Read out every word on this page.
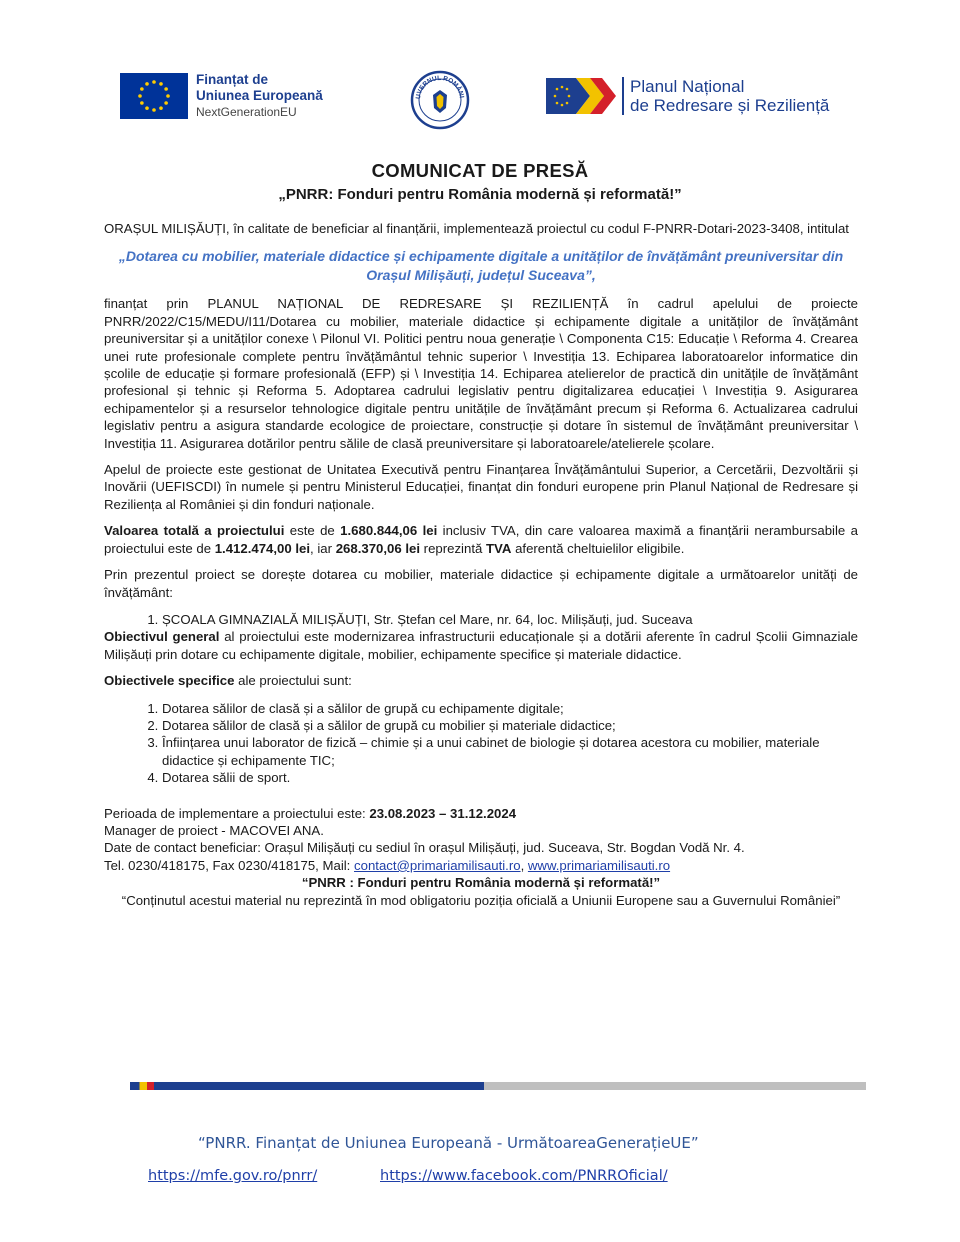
Finanțat de
Uniunea Europeană
NextGenerationEU
UVERNUL ROMÂNI
Planul Național
de Redresare și Reziliență
COMUNICAT DE PRESĂ
„PNRR: Fonduri pentru România modernă și reformată!”

ORAȘUL MILIȘĂUȚI, în calitate de beneficiar al finanțării, implementează proiectul cu codul F-PNRR-Dotari-2023-3408, intitulat

„Dotarea cu mobilier, materiale didactice și echipamente digitale a unităților de învățământ preuniversitar din Orașul Milișăuți, județul Suceava”,

finanțat prin PLANUL NAȚIONAL DE REDRESARE ȘI REZILIENȚĂ în cadrul apelului de proiecte PNRR/2022/C15/MEDU/I11/Dotarea cu mobilier, materiale didactice și echipamente digitale a unităților de învățământ preuniversitar și a unităților conexe \ Pilonul VI. Politici pentru noua generație \ Componenta C15: Educație \ Reforma 4. Crearea unei rute profesionale complete pentru învățământul tehnic superior \ Investiția 13. Echiparea laboratoarelor informatice din școlile de educație și formare profesională (EFP) și \ Investiția 14. Echiparea atelierelor de practică din unitățile de învățământ profesional și tehnic și Reforma 5. Adoptarea cadrului legislativ pentru digitalizarea educației \ Investiția 9. Asigurarea echipamentelor și a resurselor tehnologice digitale pentru unitățile de învățământ precum și Reforma 6. Actualizarea cadrului legislativ pentru a asigura standarde ecologice de proiectare, construcție și dotare în sistemul de învățământ preuniversitar \ Investiția 11. Asigurarea dotărilor pentru sălile de clasă preuniversitare și laboratoarele/atelierele școlare.

Apelul de proiecte este gestionat de Unitatea Executivă pentru Finanțarea Învățământului Superior, a Cercetării, Dezvoltării și Inovării (UEFISCDI) în numele și pentru Ministerul Educației, finanțat din fonduri europene prin Planul Național de Redresare și Reziliența al României și din fonduri naționale.

Valoarea totală a proiectului este de 1.680.844,06 lei inclusiv TVA, din care valoarea maximă a finanțării nerambursabile a proiectului este de 1.412.474,00 lei, iar 268.370,06 lei reprezintă TVA aferentă cheltuielilor eligibile.

Prin prezentul proiect se dorește dotarea cu mobilier, materiale didactice și echipamente digitale a următoarelor unități de învățământ:

1. ȘCOALA GIMNAZIALĂ MILIȘĂUȚI, Str. Ștefan cel Mare, nr. 64, loc. Milișăuți, jud. Suceava

Obiectivul general al proiectului este modernizarea infrastructurii educaționale și a dotării aferente în cadrul Școlii Gimnaziale Milișăuți prin dotare cu echipamente digitale, mobilier, echipamente specifice și materiale didactice.

Obiectivele specifice ale proiectului sunt:

1. Dotarea sălilor de clasă și a sălilor de grupă cu echipamente digitale;
2. Dotarea sălilor de clasă și a sălilor de grupă cu mobilier și materiale didactice;
3. Înființarea unui laborator de fizică – chimie și a unui cabinet de biologie și dotarea acestora cu mobilier, materiale didactice și echipamente TIC;
4. Dotarea sălii de sport.

Perioada de implementare a proiectului este: 23.08.2023 – 31.12.2024

Manager de proiect - MACOVEI ANA.

Date de contact beneficiar: Orașul Milișăuți cu sediul în orașul Milișăuți, jud. Suceava, Str. Bogdan Vodă Nr. 4.

Tel. 0230/418175, Fax 0230/418175, Mail: contact@primariamilisauti.ro, www.primariamilisauti.ro

“PNRR : Fonduri pentru România modernă și reformată!”

“Conținutul acestui material nu reprezintă în mod obligatoriu poziția oficială a Uniunii Europene sau a Guvernului României”

“PNRR. Finanțat de Uniunea Europeană - UrmătoareaGenerațieUE”
https://mfe.gov.ro/pnrr/	https://www.facebook.com/PNRROficial/
